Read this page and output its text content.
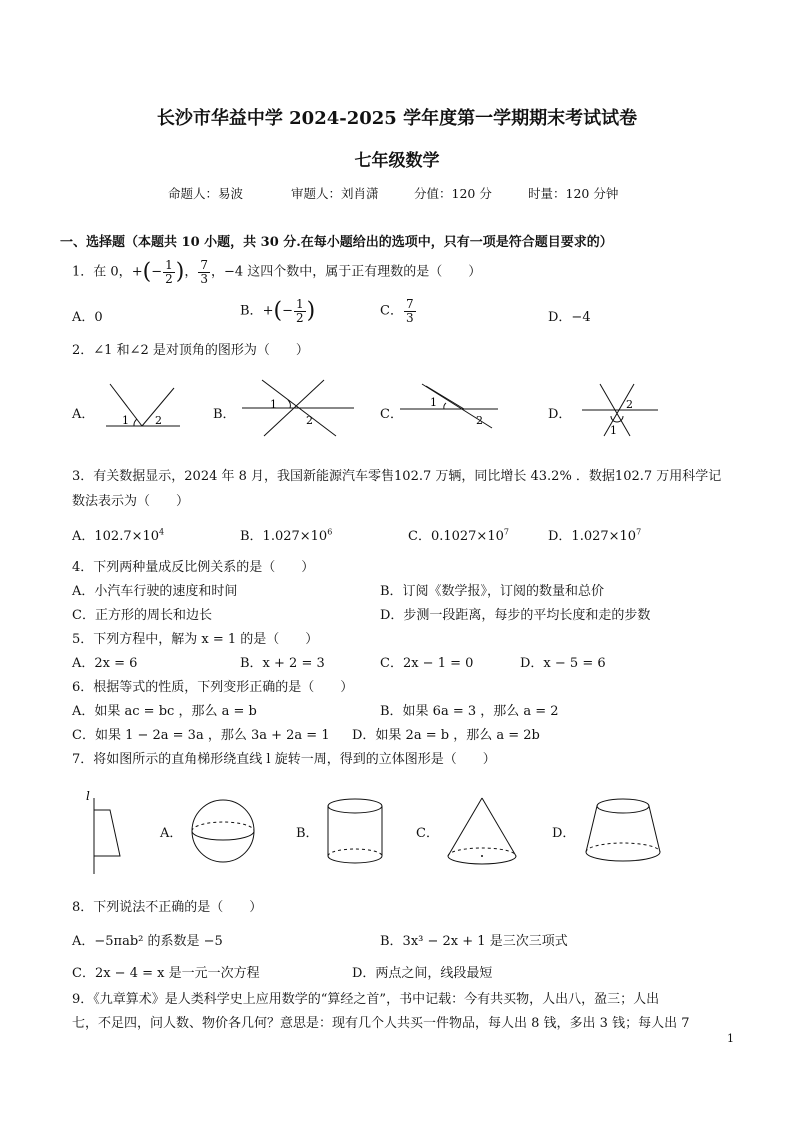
长沙市华益中学 2024-2025 学年度第一学期期末考试试卷
七年级数学
命题人：易波	审题人：刘肖潇	分值：120 分	时量：120 分钟
一、选择题（本题共 10 小题，共 30 分.在每小题给出的选项中，只有一项是符合题目要求的）
1．在 0，+(− $\frac{1}{2}$ )， $\frac{7}{3}$ ，−4 这四个数中，属于正有理数的是（　　）
A．0	B．+(− $\frac{1}{2}$ )	C． $\frac{7}{3}$	D．−4
2．∠1 和∠2 是对顶角的图形为（　　）
A．	1 2	B．
1
2	C．
1
2	D．
2
1
3．有关数据显示，2024 年 8 月，我国新能源汽车零售102.7 万辆，同比增长 43.2% ．数据102.7 万用科学记
数法表示为（　　）
A．$102.7\times 10^4$	B．$1.027\times 10^6$	C．$0.1027\times 10^7$	D．$1.027\times 10^7$
4．下列两种量成反比例关系的是（　　）
A．小汽车行驶的速度和时间	B．订阅《数学报》，订阅的数量和总价
C．正方形的周长和边长	D．步测一段距离，每步的平均长度和走的步数
5．下列方程中，解为 x = 1 的是（　　）
A．2x = 6	B．x + 2 = 3	C．2x − 1 = 0	D．x − 5 = 6
6．根据等式的性质，下列变形正确的是（　　）
A．如果 ac = bc ，那么 a = b	B．如果 6a = 3 ，那么 a = 2
C．如果 1 − 2a = 3a ，那么 3a + 2a = 1 D．如果 2a = b ，那么 a = 2b
7．将如图所示的直角梯形绕直线 l 旋转一周，得到的立体图形是（　　）
l
A．	B．	C．	D．
8．下列说法不正确的是（　　）
A．−5πab² 的系数是 −5	B．3x³ − 2x + 1 是三次三项式
C．2x − 4 = x 是一元一次方程	D．两点之间，线段最短
9．《九章算术》是人类科学史上应用数学的“算经之首”，书中记载：今有共买物，人出八，盈三；人出
七，不足四，问人数、物价各几何？意思是：现有几个人共买一件物品，每人出 8 钱，多出 3 钱；每人出 7
1
